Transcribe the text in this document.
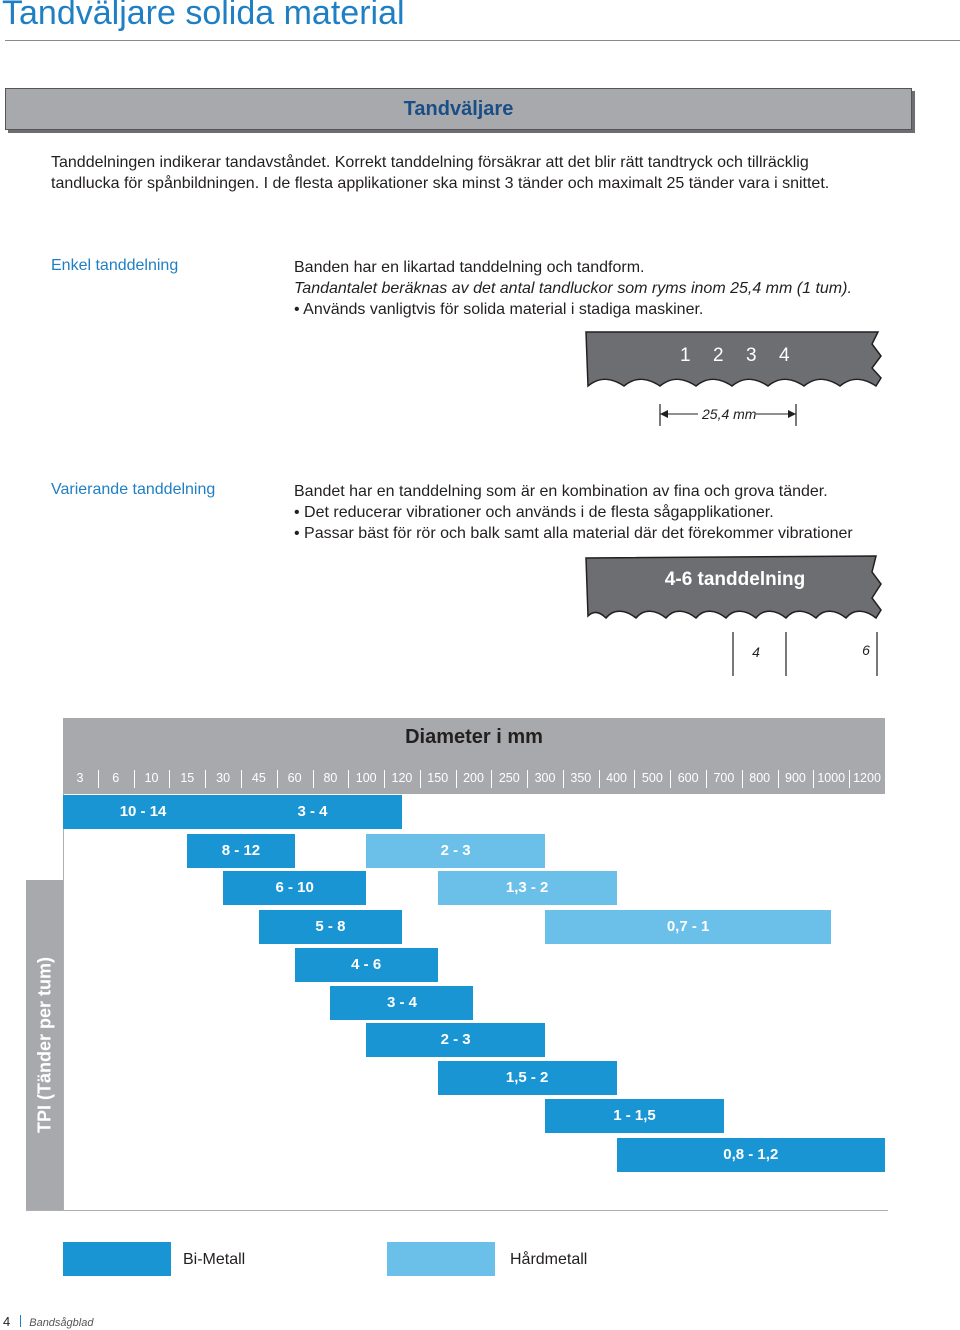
Tandväljare solida material
Tandväljare
Tanddelningen indikerar tandavståndet. Korrekt tanddelning försäkrar att det blir rätt tandtryck och tillräcklig
tandlucka för spånbildningen. I de flesta applikationer ska minst 3 tänder och maximalt 25 tänder vara i snittet.
Enkel tanddelning	Banden har en likartad tanddelning och tandform.
Tandantalet beräknas av det antal tandluckor som ryms inom 25,4 mm (1 tum).
• Används vanligtvis för solida material i stadiga maskiner.
1 2 3 4
25,4 mm
Varierande tanddelning	Bandet har en tanddelning som är en kombination av fina och grova tänder.
• Det reducerar vibrationer och används i de flesta sågapplikationer.
• Passar bäst för rör och balk samt alla material där det förekommer vibrationer
4-6 tanddelning
4	6
Diameter i mm
3 6 10 15 30 45 60 80 100 120 150 200 250 300 350 400 500 600 700 800 900 1000 1200
TPI (Tänder per tum)
10 - 14	3 - 4
8 - 12	2 - 3
6 - 10	1,3 - 2
5 - 8	0,7 - 1
4 - 6
3 - 4
2 - 3
1,5 - 2
1 - 1,5
0,8 - 1,2
Bi-Metall	Hårdmetall
4 Bandsågblad
